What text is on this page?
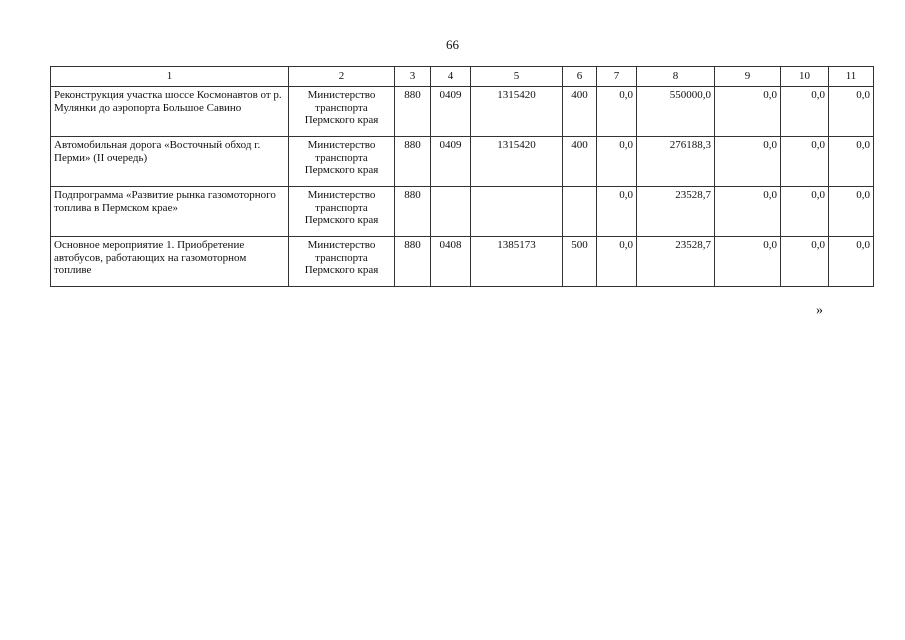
66
1	2	3	4	5	6	7	8	9	10	11
Реконструкция участка шоссе Космонавтов от р. Мулянки до аэропорта Большое Савино	Министерство транспорта Пермского края	880	0409	1315420	400	0,0	550000,0	0,0	0,0	0,0
Автомобильная дорога «Восточный обход г. Перми» (II очередь)	Министерство транспорта Пермского края	880	0409	1315420	400	0,0	276188,3	0,0	0,0	0,0
Подпрограмма «Развитие рынка газомоторного топлива в Пермском крае»	Министерство транспорта Пермского края	880				0,0	23528,7	0,0	0,0	0,0
Основное мероприятие 1. Приобретение автобусов, работающих на газомоторном топливе	Министерство транспорта Пермского края	880	0408	1385173	500	0,0	23528,7	0,0	0,0	0,0
»
